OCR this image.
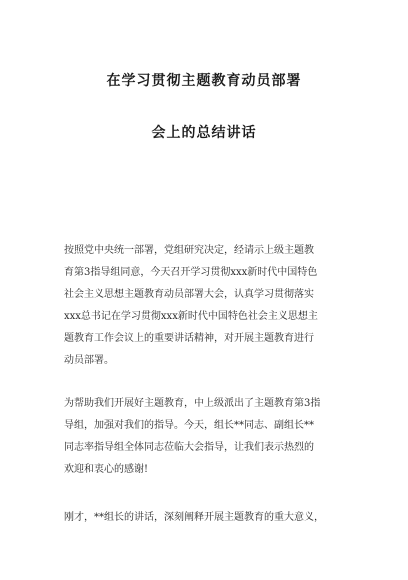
在学习贯彻主题教育动员部署
会上的总结讲话
按照党中央统一部署，党组研究决定，经请示上级主题教
育第3指导组同意，今天召开学习贯彻xxx新时代中国特色
社会主义思想主题教育动员部署大会，认真学习贯彻落实
xxx总书记在学习贯彻xxx新时代中国特色社会主义思想主
题教育工作会议上的重要讲话精神，对开展主题教育进行
动员部署。
为帮助我们开展好主题教育，中上级派出了主题教育第3指
导组，加强对我们的指导。今天，组长**同志、副组长**
同志率指导组全体同志莅临大会指导，让我们表示热烈的
欢迎和衷心的感谢!
刚才，**组长的讲话，深刻阐释开展主题教育的重大意义，
